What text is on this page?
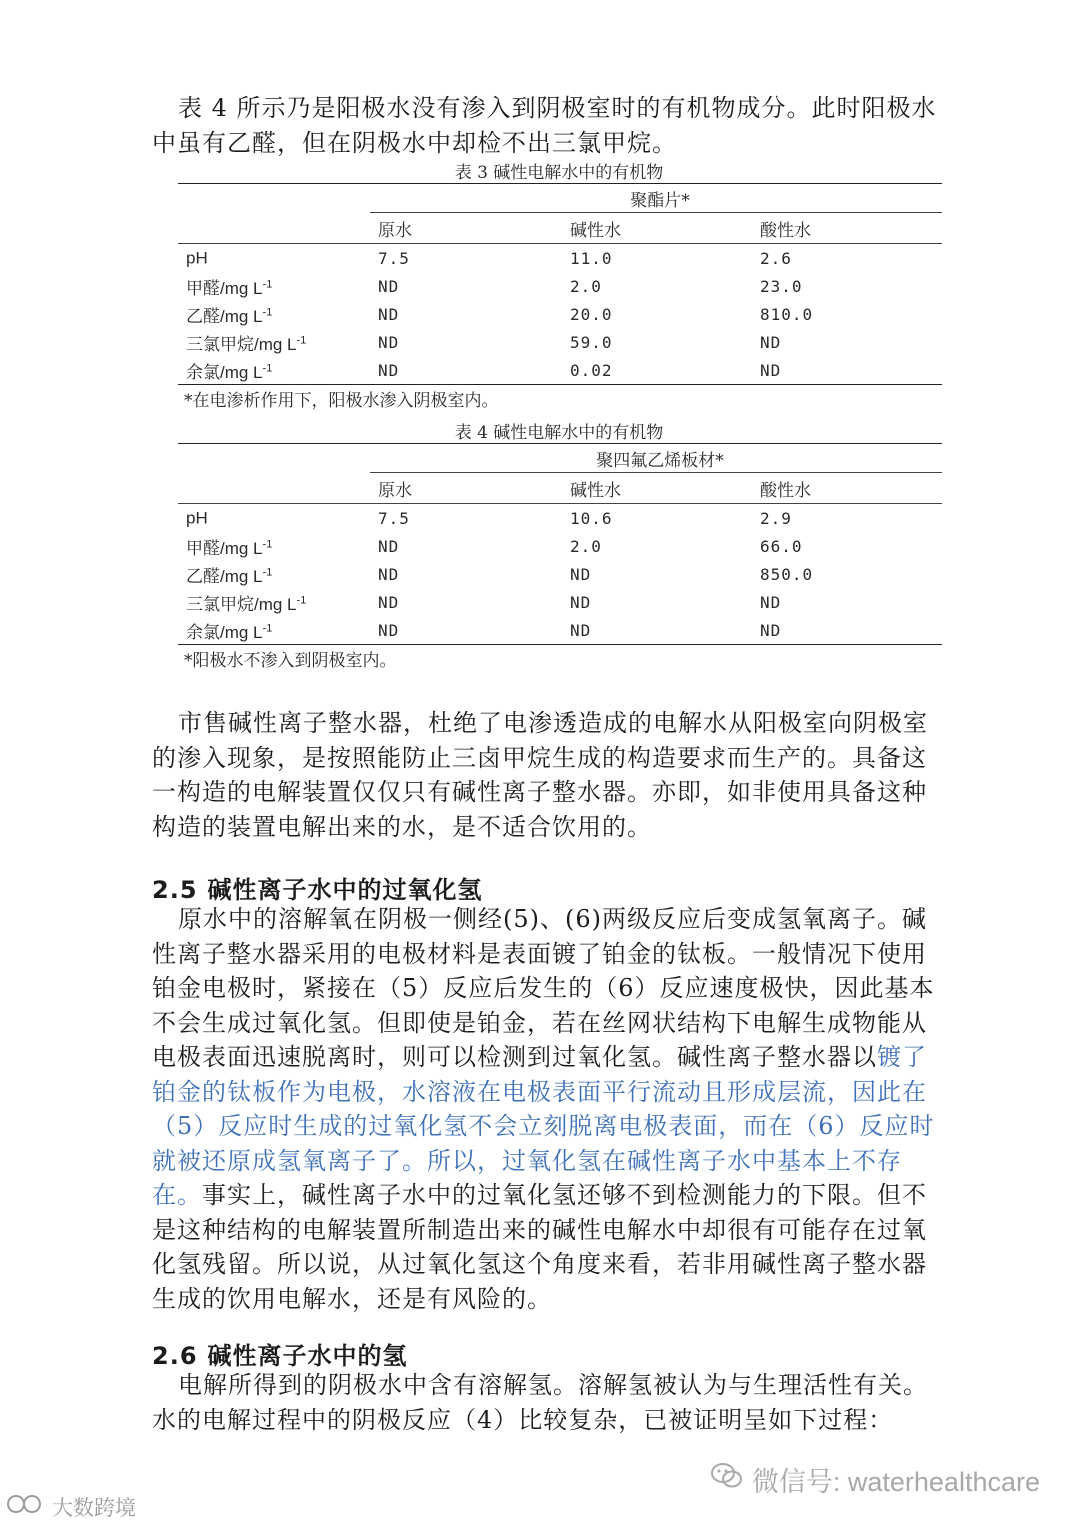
表 4 所示乃是阳极水没有渗入到阴极室时的有机物成分。此时阳极水中虽有乙醛，但在阴极水中却检不出三氯甲烷。

表 3 碱性电解水中的有机物
	聚酯片*		
	原水	碱性水	酸性水
pH	7.5	11.0	2.6
甲醛/mg $L^{-1}$	ND	2.0	23.0
乙醛/mg $L^{-1}$	ND	20.0	810.0
三氯甲烷/mg $L^{-1}$	ND	59.0	ND
余氯/mg $L^{-1}$	ND	0.02	ND
*在电渗析作用下，阳极水渗入阴极室内。
表 4 碱性电解水中的有机物
	聚四氟乙烯板材*		
	原水	碱性水	酸性水
pH	7.5	10.6	2.9
甲醛/mg $L^{-1}$	ND	2.0	66.0
乙醛/mg $L^{-1}$	ND	ND	850.0
三氯甲烷/mg $L^{-1}$	ND	ND	ND
余氯/mg $L^{-1}$	ND	ND	ND
*阳极水不渗入到阴极室内。

市售碱性离子整水器，杜绝了电渗透造成的电解水从阳极室向阴极室的渗入现象，是按照能防止三卤甲烷生成的构造要求而生产的。具备这一构造的电解装置仅仅只有碱性离子整水器。亦即，如非使用具备这种构造的装置电解出来的水，是不适合饮用的。

2.5 碱性离子水中的过氧化氢

原水中的溶解氧在阴极一侧经(5)、(6)两级反应后变成氢氧离子。碱性离子整水器采用的电极材料是表面镀了铂金的钛板。一般情况下使用铂金电极时，紧接在（5）反应后发生的（6）反应速度极快，因此基本不会生成过氧化氢。但即使是铂金，若在丝网状结构下电解生成物能从电极表面迅速脱离时，则可以检测到过氧化氢。碱性离子整水器以镀了铂金的钛板作为电极，水溶液在电极表面平行流动且形成层流，因此在（5）反应时生成的过氧化氢不会立刻脱离电极表面，而在（6）反应时就被还原成氢氧离子了。所以，过氧化氢在碱性离子水中基本上不存在。事实上，碱性离子水中的过氧化氢还够不到检测能力的下限。但不是这种结构的电解装置所制造出来的碱性电解水中却很有可能存在过氧化氢残留。所以说，从过氧化氢这个角度来看，若非用碱性离子整水器生成的饮用电解水，还是有风险的。

2.6 碱性离子水中的氢

电解所得到的阴极水中含有溶解氢。溶解氢被认为与生理活性有关。水的电解过程中的阴极反应（4）比较复杂，已被证明呈如下过程：

微信号: waterhealthcare
大数跨境
